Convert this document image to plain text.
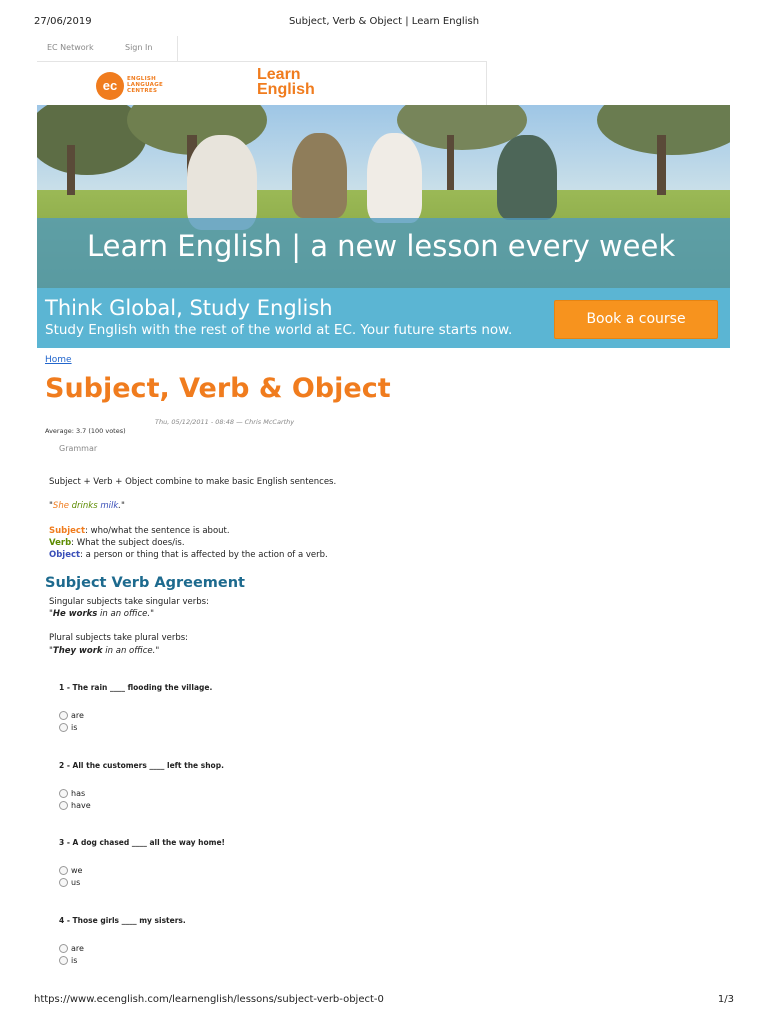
27/06/2019	Subject, Verb & Object | Learn English
EC Network	Sign In
ec	ENGLISH
LANGUAGE
CENTRES
Learn
English
Learn English | a new lesson every week
Think Global, Study English
Study English with the rest of the world at EC. Your future starts now.
Book a course
Home
Subject, Verb & Object
Thu, 05/12/2011 - 08:48 — Chris McCarthy
Average: 3.7 (100 votes)
Grammar
Subject + Verb + Object combine to make basic English sentences.
"She drinks milk."
Subject: who/what the sentence is about.
Verb: What the subject does/is.
Object: a person or thing that is affected by the action of a verb.
Subject Verb Agreement
Singular subjects take singular verbs:
"He works in an office."
Plural subjects take plural verbs:
"They work in an office."
1 - The rain ____ flooding the village.
are
is
2 - All the customers ____ left the shop.
has
have
3 - A dog chased ____ all the way home!
we
us
4 - Those girls ____ my sisters.
are
is
https://www.ecenglish.com/learnenglish/lessons/subject-verb-object-0	1/3
